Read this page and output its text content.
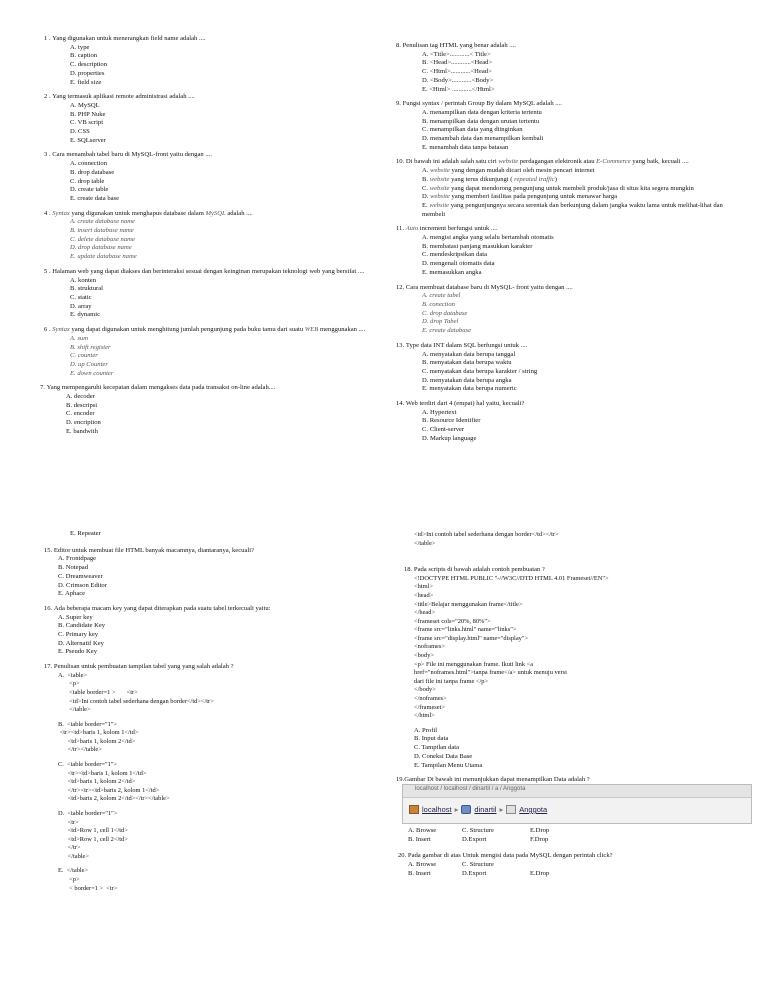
1 .
Yang digunakan untuk menerangkan field name adalah ....
A. type
B. caption
C. description
D. properties
E. field size
2 .
Yang termasuk aplikasi remote administrasi adalah ....
A. MySQL
B. PHP Nuke
C. VB script
D. CSS
E. SQLserver
3 .
Cara menambah tabel baru di MySQL-front yaitu dengan ....
A. connection
B. drop database
C. drop table
D. create table
E. create data base
4 .
Syntax yang digunakan untuk menghapus database dalam MySQL adalah ....
A. create database name
B. insert database name
C. delete database name
D. drop database name
E. update database name
5 .
Halaman web yang dapat diakses dan berinteraksi sesuai dengan keinginan merupakan teknologi web yang bersifat ....
A. konten
B. struktural
C. static
D. array
E. dynamic
6 .
Syntax yang dapat digunakan untuk menghitung jumlah pengunjung pada buku tamu dari suatu WEB menggunakan ....
A. sum
B. shift register
C. counter
D. up Counter
E. down counter
7.
Yang mempengaruhi kecepatan dalam mengakses data pada transaksi on-line adalah....
A. decoder
B. descripsi
C. encoder
D. encription
E. bandwith
8.
Penulisan tag HTML yang benar adalah ....
A. <Title>............< Title>
B. <Head>............<Head>
C. <Html>............<Head>
D. <Body>............<Body>
E. <Html> ............</Html>
9.
Fungsi syntax / perintah Group By dalam MySQL adalah ....
A. menampilkan data dengan kriteria tertentu
B. menampilkan data dengan urutan tertentu
C. menampilkan data yang diinginkan
D. menambah data dan menampilkan kembali
E. menambah data tanpa batasan
10.
Di bawah ini adalah salah satu ciri website perdagangan elektronik atau E-Commerce yang baik, kecuali ....
A. website yang dengan mudah dicari oleh mesin pencari internet
B. website yang terus dikunjungi ( repeated traffic)
C. website yang dapat mendorong pengunjung untuk membeli produk/jasa di situs kita segera mungkin
D. website yang memberi fasilitas pada pengunjung untuk menawar harga
E. website yang pengunjungnya secara serentak dan berkunjung dalam jangka waktu lama untuk melihat-lihat dan membeli
11.
Auto increment berfungsi untuk ....
A. mengisi angka yang selalu bertambah otomatis
B. membatasi panjang masukkan karakter
C. mendeskripsikan data
D. mengenali otomatis data
E. memasukkan angka
12.
Cara membuat database baru di MySQL- front yaitu dengan ....
A. create tabel
B. conection
C. drop database
D. drop Tabel
E. create database
13.
Type data INT dalam SQL berfungsi untuk ....
A. menyatakan data berupa tanggal
B. menyatakan data berupa waktu
C. menyatakan data berupa karakter / string
D. menyatakan data berupa angka
E. menyatakan data berupa numeric
14.
Web terdiri dari 4 (empat) hal yaitu, kecuali?
A. Hypertext
B. Resource Identifier
C. Client-server
D. Markup language
E. Repeater
15.
Editor untuk membuat file HTML banyak macamnya, diantaranya, kecuali?
A. Frontdpage
B. Notepad
C. Dreamweaver
D. Crimson Editor
E. Aphace
16.
Ada beberapa macam key yang dapat diterapkan pada suatu tabel terkecuali yaitu:
A. Super key
B. Candidate Key
C. Primary key
D. Alternatif Key
E. Pseudo Key
17.
Penulisan untuk pembuatan tampilan tabel yang yang salah adalah ?
A.  <table>
<p>
<table border=1 >       <tr>
<td>Ini contoh tabel sederhana dengan border</td></tr>
</table>
B.  <table border="1">
<tr><td>baris 1, kolom 1</td>
<td>baris 1, kolom 2</td>
</tr></table>
C.  <table border="1">
<tr><td>baris 1, kolom 1</td>
<td>baris 1, kolom 2</td>
</tr><tr><td>baris 2, kolom 1</td>
<td>baris 2, kolom 2</td></tr></table>
D.  <table border="1">
<tr>
<td>Row 1, cell 1</td>
<td>Row 1, cell 2</td>
</tr>
</table>
E.  </table>
<p>
< border=1 >  <tr>
<td>Ini contoh tabel sederhana dengan border</td></tr>
</table>
18.
Pada scripts di bawah adalah contoh pembuatan ?
<!DOCTYPE HTML PUBLIC "-//W3C//DTD HTML 4.01 Frameset//EN">
<html>
<head>
<title>Belajar menggunakan frame</title>
</head>
<frameset cols="20%, 80%">
<frame src="links.html" name="links">
<frame src="display.html" name="display">
<noframes>
<body>
<p> File ini menggunakan frame. Ikuti link <a
href="noframes.html">tanpa frame</a> untuk menuju versi
dari file ini tanpa frame </p>
</body>
</noframes>
</frameset>
</html>
A. Profil
B. Input data
C. Tampilan data
D. Coneksi Data Base
E. Tampilan Menu Utama
19. Gambar Di bawah ini menunjukkan dapat menampilkan Data adalah ?
A. Browse	C. Structure	E.Drop
B. Insert	D.Export	F.Drop
20.
Pada gambar di atas Untuk mengisi data pada MySQL dengan perintah click?
A. Browse	C. Structure
B. Insert	D.Export	E.Drop
localhost / localhost / dinartil / a / Anggota
localhost ▸ dinartil ▸ Anggota
